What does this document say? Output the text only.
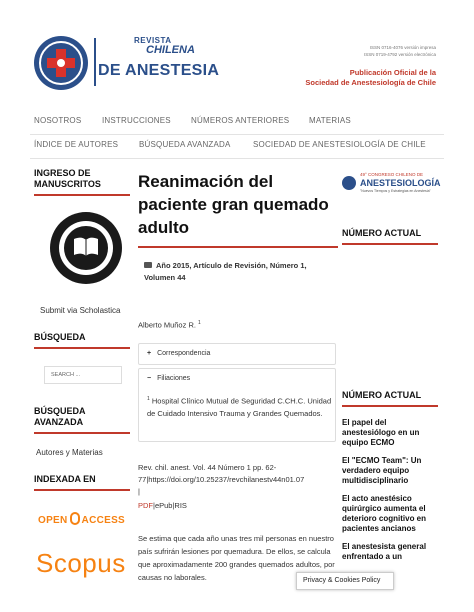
REVISTA
CHILENA
DE ANESTESIA
ISSN 0716-4076 versión impresa
ISSN 0719-4792 versión electrónica
Publicación Oficial de la
Sociedad de Anestesiología de Chile
NOSOTROS	INSTRUCCIONES	NÚMEROS ANTERIORES MATERIAS
ÍNDICE DE AUTORES	BÚSQUEDA AVANZADA	SOCIEDAD DE ANESTESIOLOGÍA DE CHILE
INGRESO DE MANUSCRITOS
Submit via Scholastica
BÚSQUEDA
SEARCH ...
BÚSQUEDA AVANZADA
Autores y Materias
INDEXADA EN
OPEN ACCESS
Scopus
Reanimación del paciente gran quemado adulto
Año 2015, Artículo de Revisión, Número 1, Volumen 44
Alberto Muñoz R. $^1$
+ Correspondencia
− Filiaciones
$^1$ Hospital Clínico Mutual de Seguridad C.CH.C. Unidad de Cuidado Intensivo Trauma y Grandes Quemados.
Rev. chil. anest. Vol. 44 Número 1 pp. 62-77|https://doi.org/10.25237/revchilanestv44n01.07
|
PDF|ePub|RIS
Se estima que cada año unas tres mil personas en nuestro país sufrirán lesiones por quemadura. De ellos, se calcula que aproximadamente 200 grandes quemados adultos, por causas no laborales.
49° CONGRESO CHILENO DE
ANESTESIOLOGÍA
"Nuevos Tiempos y Estrategias en Anestesia"
NÚMERO ACTUAL
NÚMERO ACTUAL
El papel del anestesiólogo en un equipo ECMO
El "ECMO Team": Un verdadero equipo multidisciplinario
El acto anestésico quirúrgico aumenta el deterioro cognitivo en pacientes ancianos
El anestesista general enfrentado a un
Privacy & Cookies Policy
